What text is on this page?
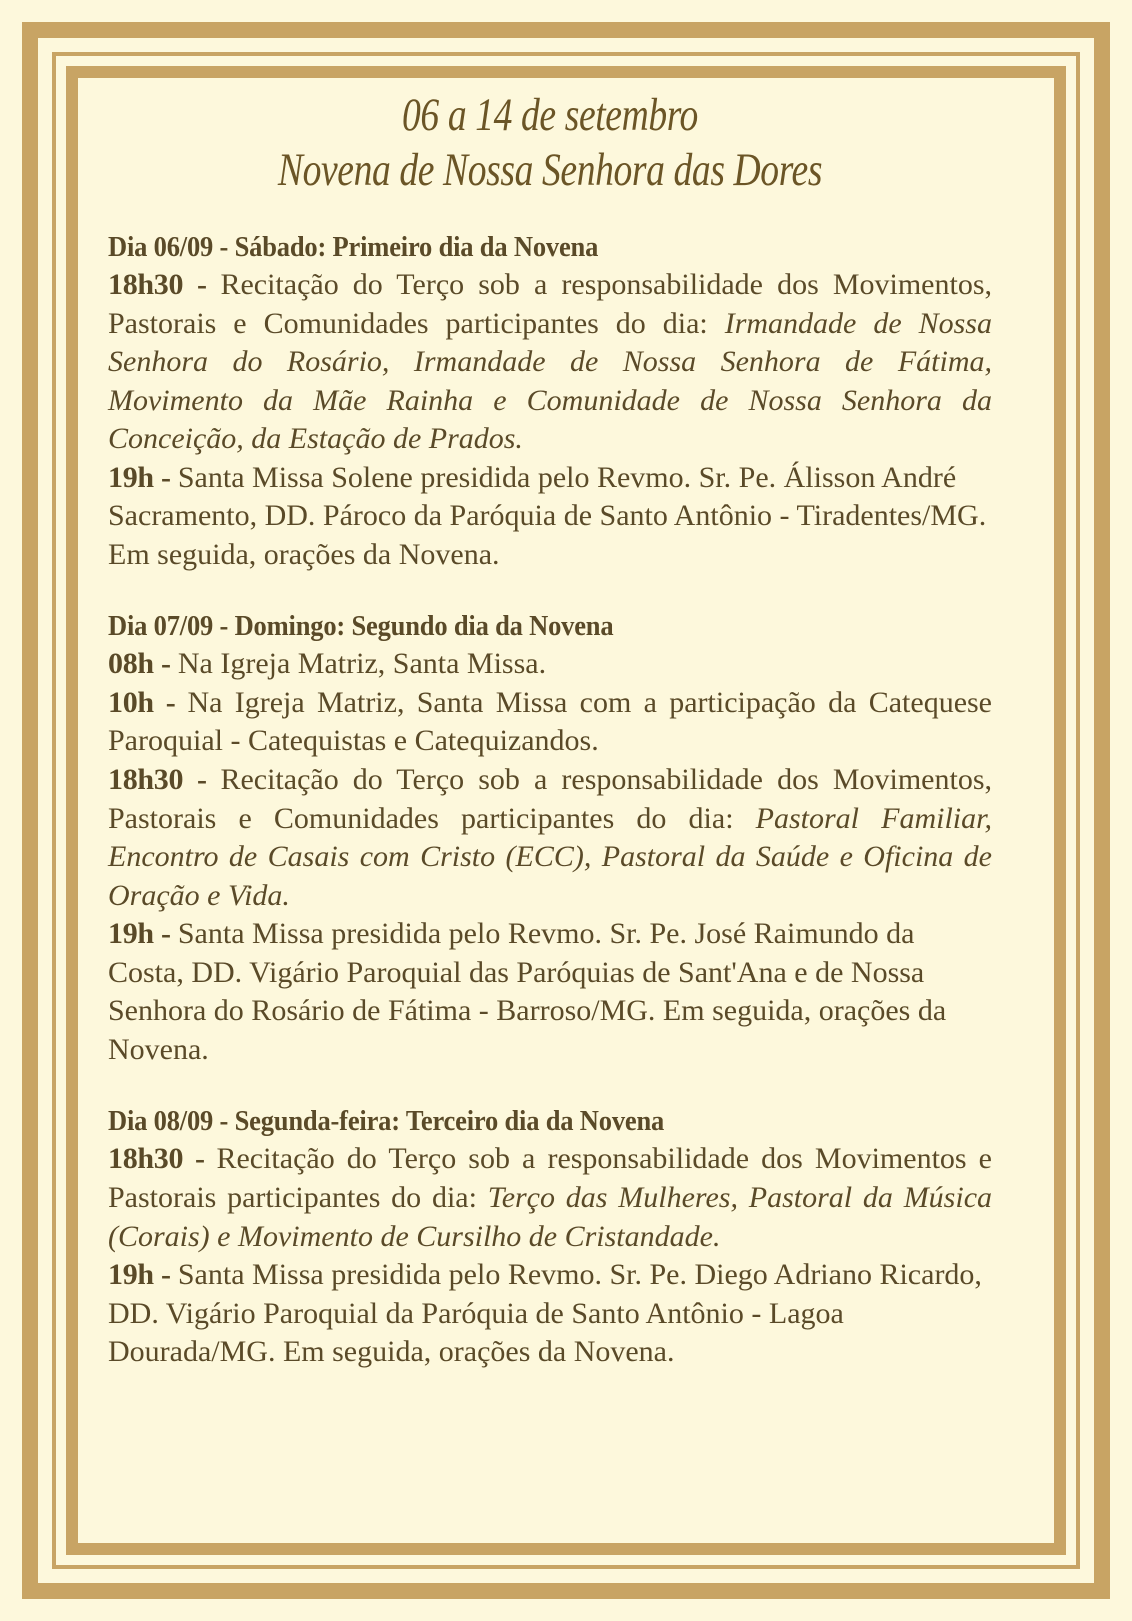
06 a 14 de setembro
Novena de Nossa Senhora das Dores
Dia 06/09 - Sábado: Primeiro dia da Novena

18h30 - Recitação do Terço sob a responsabilidade dos Movimentos, Pastorais e Comunidades participantes do dia: Irmandade de Nossa Senhora do Rosário, Irmandade de Nossa Senhora de Fátima, Movimento da Mãe Rainha e Comunidade de Nossa Senhora da Conceição, da Estação de Prados.

19h - Santa Missa Solene presidida pelo Revmo. Sr. Pe. Álisson André Sacramento, DD. Pároco da Paróquia de Santo Antônio - Tiradentes/MG. Em seguida, orações da Novena.

Dia 07/09 - Domingo: Segundo dia da Novena

08h - Na Igreja Matriz, Santa Missa.

10h - Na Igreja Matriz, Santa Missa com a participação da Catequese Paroquial - Catequistas e Catequizandos.

18h30 - Recitação do Terço sob a responsabilidade dos Movimentos, Pastorais e Comunidades participantes do dia: Pastoral Familiar, Encontro de Casais com Cristo (ECC), Pastoral da Saúde e Oficina de Oração e Vida.

19h - Santa Missa presidida pelo Revmo. Sr. Pe. José Raimundo da Costa, DD. Vigário Paroquial das Paróquias de Sant'Ana e de Nossa Senhora do Rosário de Fátima - Barroso/MG. Em seguida, orações da Novena.

Dia 08/09 - Segunda-feira: Terceiro dia da Novena

18h30 - Recitação do Terço sob a responsabilidade dos Movimentos e Pastorais participantes do dia: Terço das Mulheres, Pastoral da Música (Corais) e Movimento de Cursilho de Cristandade.

19h - Santa Missa presidida pelo Revmo. Sr. Pe. Diego Adriano Ricardo, DD. Vigário Paroquial da Paróquia de Santo Antônio - Lagoa Dourada/MG. Em seguida, orações da Novena.
